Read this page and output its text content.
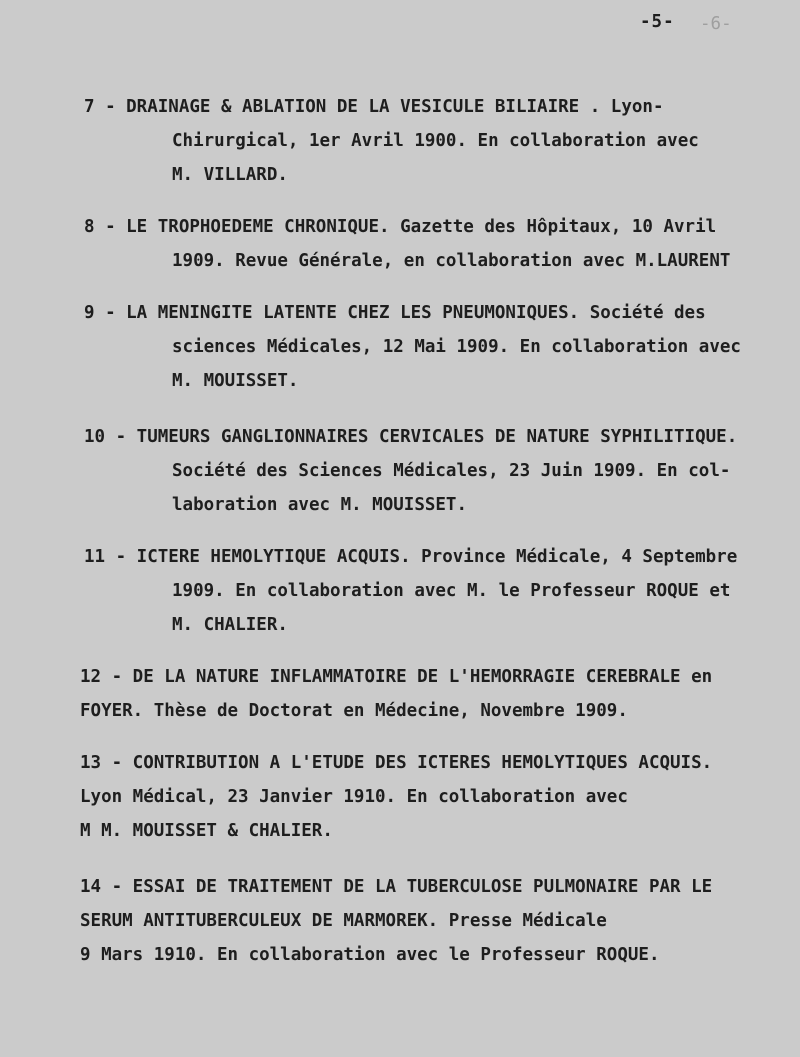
-6-
-5-
7 - DRAINAGE & ABLATION DE LA VESICULE BILIAIRE . Lyon-
Chirurgical, 1er Avril 1900. En collaboration avec
M. VILLARD.
8 - LE TROPHOEDEME CHRONIQUE. Gazette des Hôpitaux, 10 Avril
1909. Revue Générale, en collaboration avec M.LAURENT
9 - LA MENINGITE LATENTE CHEZ LES PNEUMONIQUES. Société des
sciences Médicales, 12 Mai 1909. En collaboration avec
M. MOUISSET.
10 - TUMEURS GANGLIONNAIRES CERVICALES DE NATURE SYPHILITIQUE.
Société des Sciences Médicales, 23 Juin 1909. En col-
laboration avec M. MOUISSET.
11 - ICTERE HEMOLYTIQUE ACQUIS. Province Médicale, 4 Septembre
1909. En collaboration avec M. le Professeur ROQUE et
M. CHALIER.
12 - DE LA NATURE INFLAMMATOIRE DE L'HEMORRAGIE CEREBRALE en
FOYER. Thèse de Doctorat en Médecine, Novembre 1909.
13 - CONTRIBUTION A L'ETUDE DES ICTERES HEMOLYTIQUES ACQUIS.
Lyon Médical, 23 Janvier 1910. En collaboration avec
M M. MOUISSET & CHALIER.
14 - ESSAI DE TRAITEMENT DE LA TUBERCULOSE PULMONAIRE PAR LE
SERUM ANTITUBERCULEUX DE MARMOREK. Presse Médicale
9 Mars 1910. En collaboration avec le Professeur ROQUE.
